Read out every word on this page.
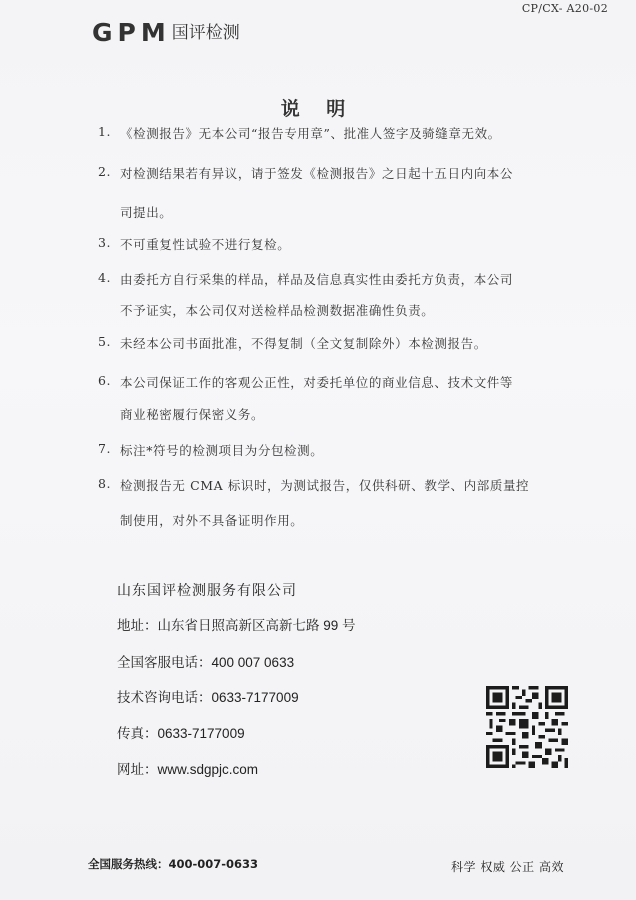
CP/CX- A20-02
GPM 国评检测
说 明
1. 《检测报告》无本公司“报告专用章”、批准人签字及骑缝章无效。
2. 对检测结果若有异议，请于签发《检测报告》之日起十五日内向本公
司提出。
3. 不可重复性试验不进行复检。
4. 由委托方自行采集的样品，样品及信息真实性由委托方负责，本公司
不予证实，本公司仅对送检样品检测数据准确性负责。
5. 未经本公司书面批准，不得复制（全文复制除外）本检测报告。
6. 本公司保证工作的客观公正性，对委托单位的商业信息、技术文件等
商业秘密履行保密义务。
7. 标注*符号的检测项目为分包检测。
8. 检测报告无 CMA 标识时，为测试报告，仅供科研、教学、内部质量控
制使用，对外不具备证明作用。
山东国评检测服务有限公司
地址：山东省日照高新区高新七路 99 号
全国客服电话：400 007 0633
技术咨询电话：0633-7177009
传真：0633-7177009
网址：www.sdgpjc.com
全国服务热线：400-007-0633	科学 权威 公正 高效
